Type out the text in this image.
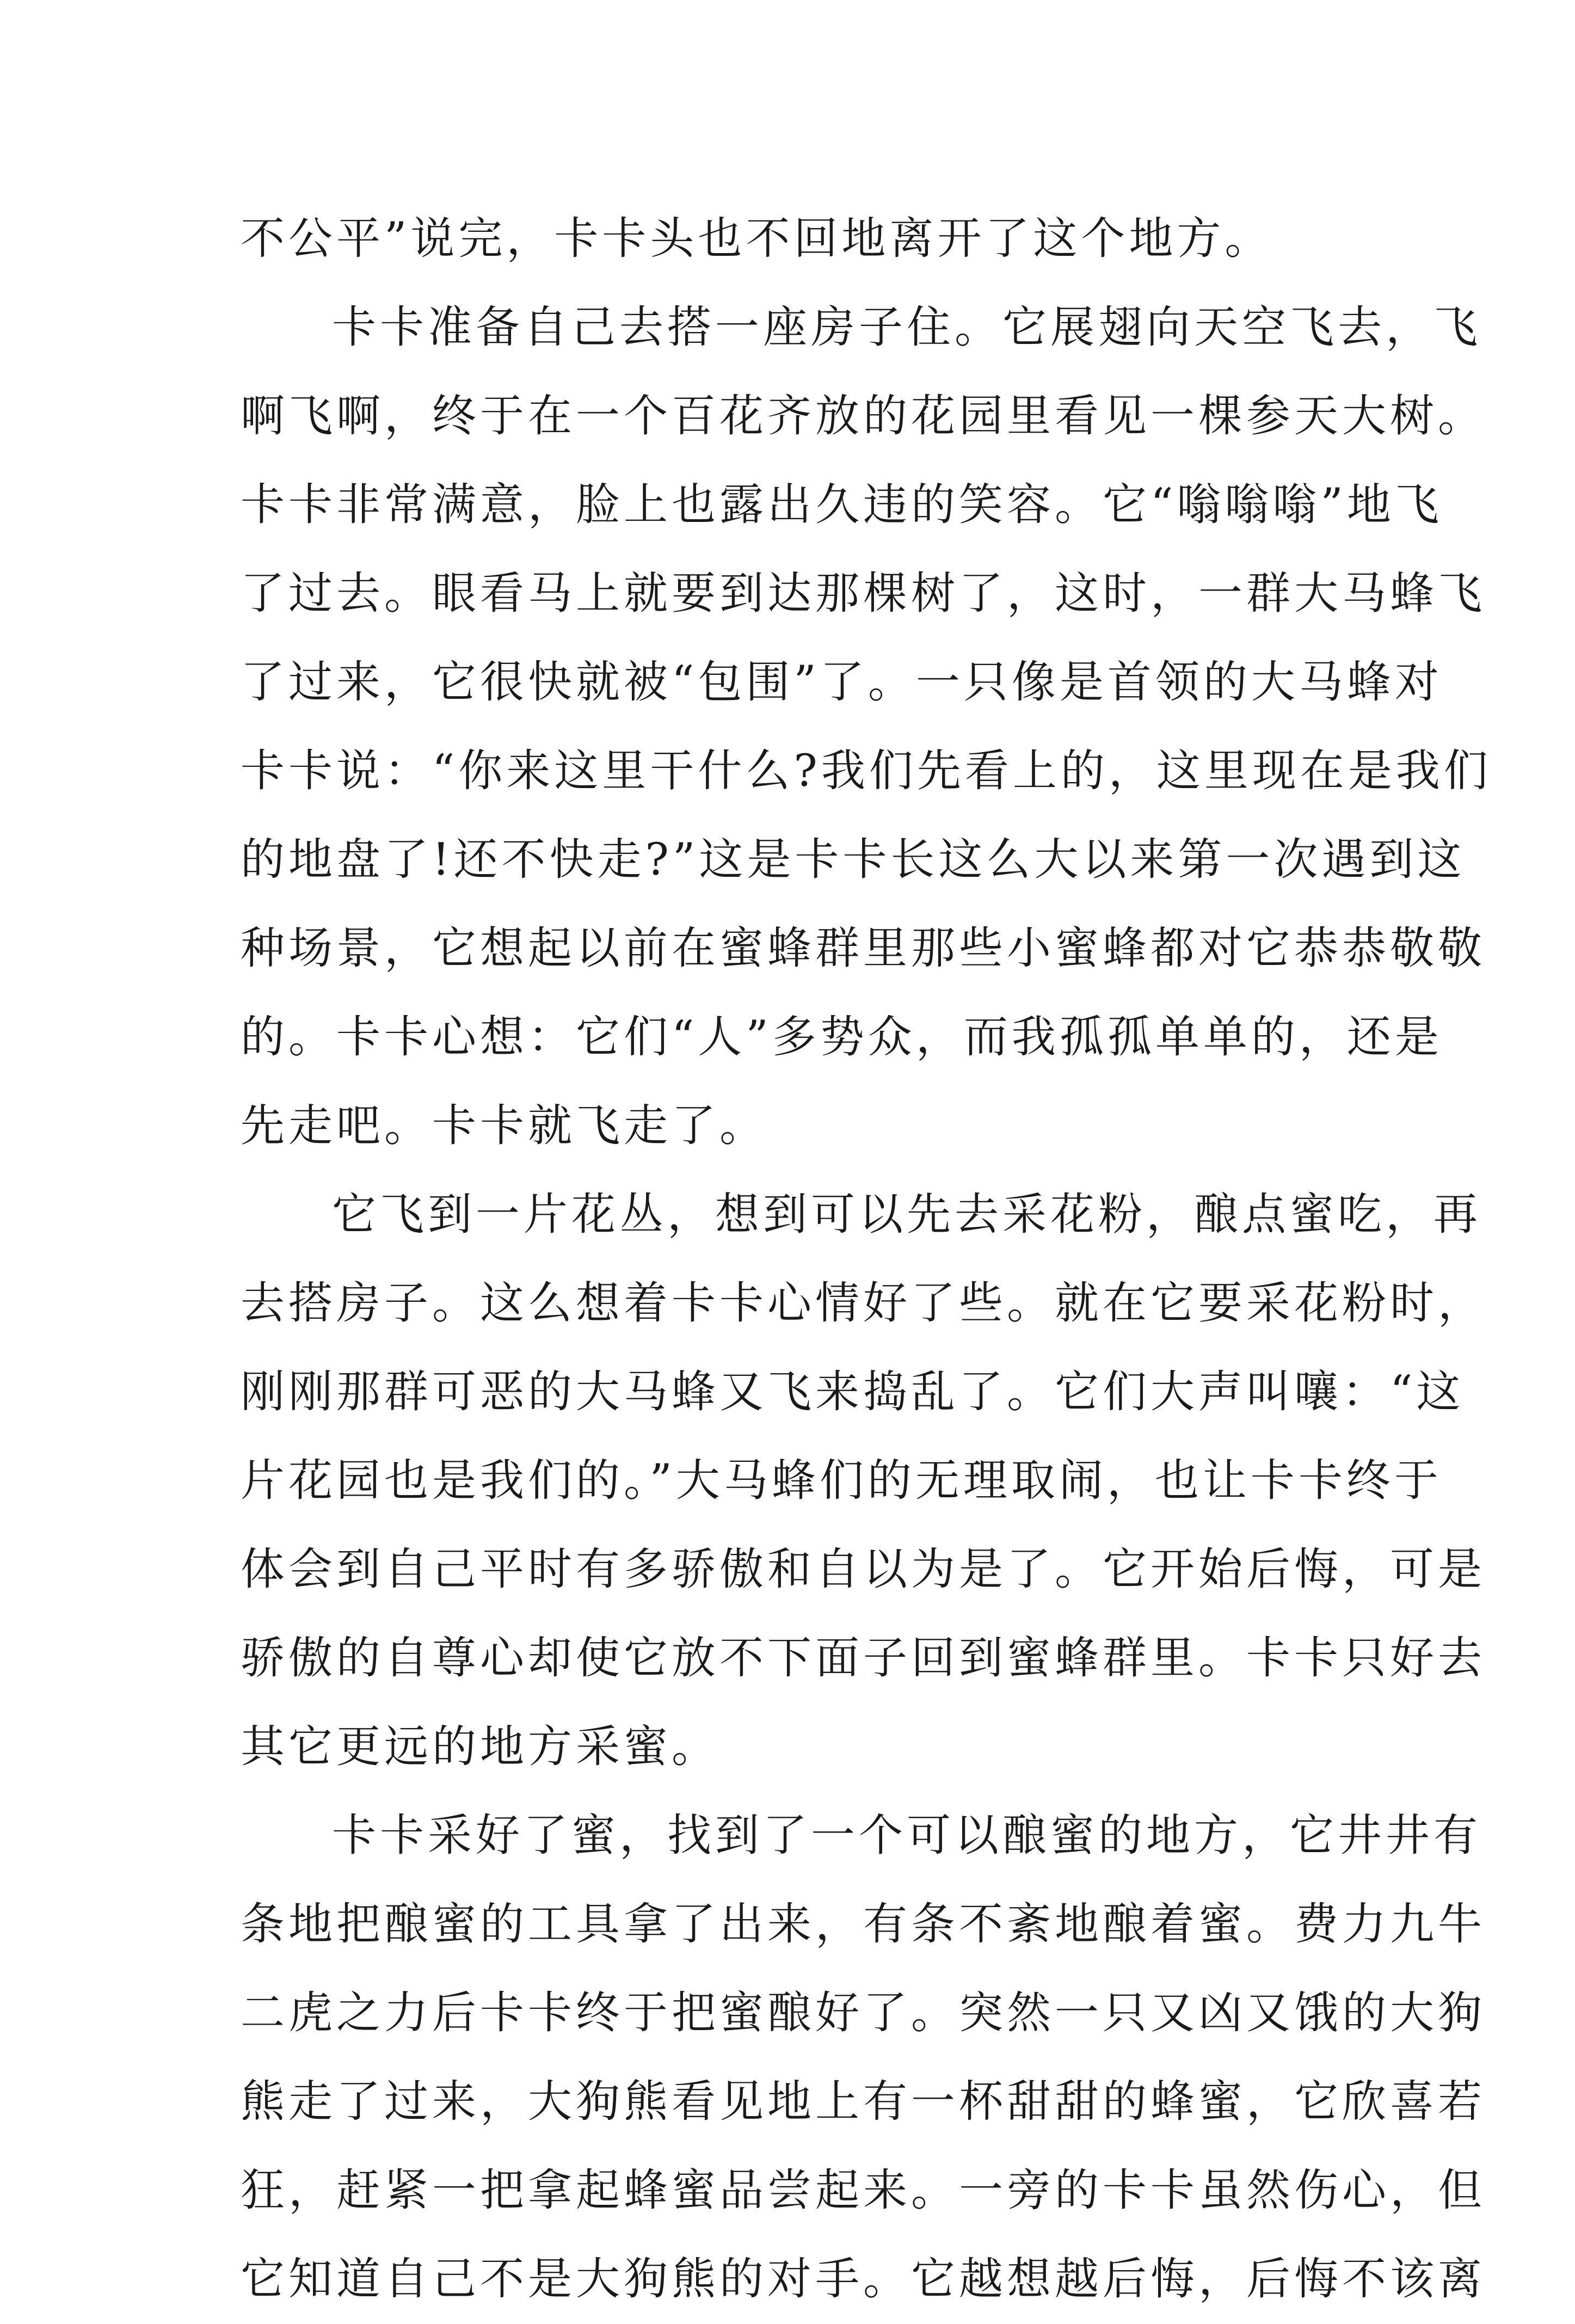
不公平”说完，卡卡头也不回地离开了这个地方。
卡卡准备自己去搭一座房子住。它展翅向天空飞去，飞
啊飞啊，终于在一个百花齐放的花园里看见一棵参天大树。
卡卡非常满意，脸上也露出久违的笑容。它“嗡嗡嗡”地飞
了过去。眼看马上就要到达那棵树了，这时，一群大马蜂飞
了过来，它很快就被“包围”了。一只像是首领的大马蜂对
卡卡说：“你来这里干什么?我们先看上的，这里现在是我们
的地盘了!还不快走?”这是卡卡长这么大以来第一次遇到这
种场景，它想起以前在蜜蜂群里那些小蜜蜂都对它恭恭敬敬
的。卡卡心想：它们“人”多势众，而我孤孤单单的，还是
先走吧。卡卡就飞走了。
它飞到一片花丛，想到可以先去采花粉，酿点蜜吃，再
去搭房子。这么想着卡卡心情好了些。就在它要采花粉时，
刚刚那群可恶的大马蜂又飞来捣乱了。它们大声叫嚷：“这
片花园也是我们的。”大马蜂们的无理取闹，也让卡卡终于
体会到自己平时有多骄傲和自以为是了。它开始后悔，可是
骄傲的自尊心却使它放不下面子回到蜜蜂群里。卡卡只好去
其它更远的地方采蜜。
卡卡采好了蜜，找到了一个可以酿蜜的地方，它井井有
条地把酿蜜的工具拿了出来，有条不紊地酿着蜜。费力九牛
二虎之力后卡卡终于把蜜酿好了。突然一只又凶又饿的大狗
熊走了过来，大狗熊看见地上有一杯甜甜的蜂蜜，它欣喜若
狂，赶紧一把拿起蜂蜜品尝起来。一旁的卡卡虽然伤心，但
它知道自己不是大狗熊的对手。它越想越后悔，后悔不该离
